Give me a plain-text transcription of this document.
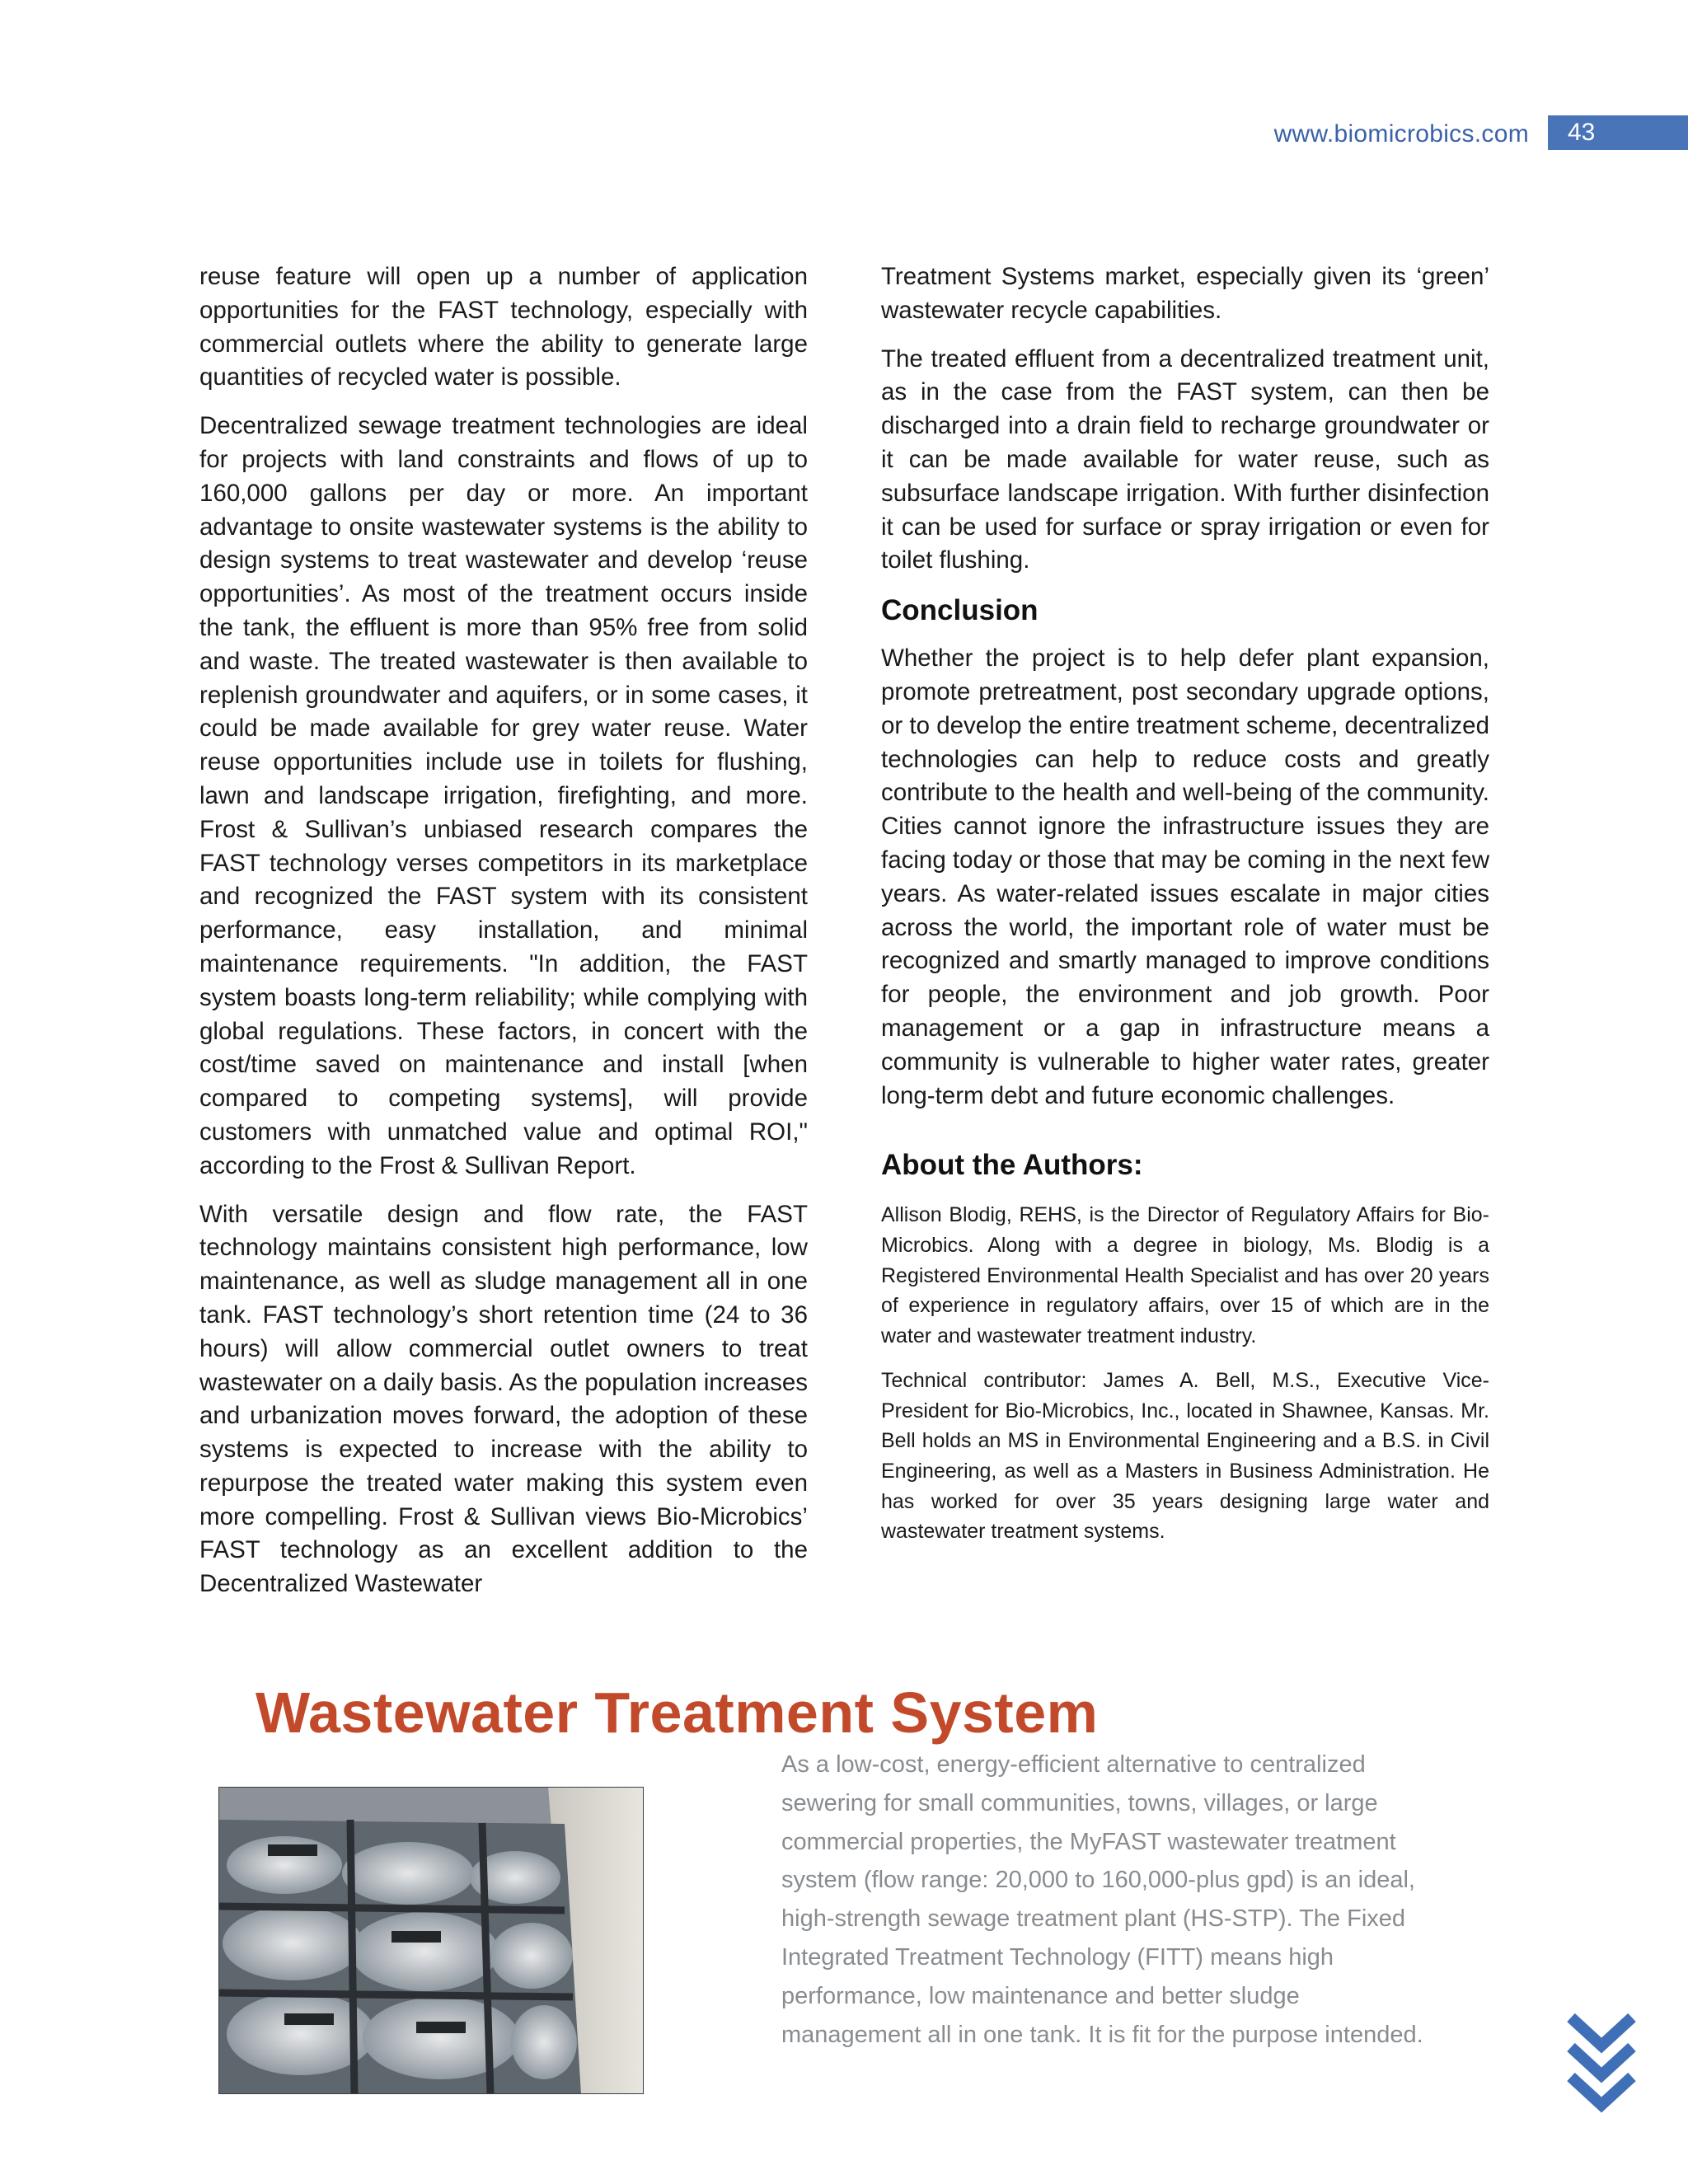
www.biomicrobics.com	43

reuse feature will open up a number of application opportunities for the FAST technology, especially with commercial outlets where the ability to generate large quantities of recycled water is possible.

Decentralized sewage treatment technologies are ideal for projects with land constraints and flows of up to 160,000 gallons per day or more. An important advantage to onsite wastewater systems is the ability to design systems to treat wastewater and develop ‘reuse opportunities’. As most of the treatment occurs inside the tank, the effluent is more than 95% free from solid and waste. The treated wastewater is then available to replenish groundwater and aquifers, or in some cases, it could be made available for grey water reuse. Water reuse opportunities include use in toilets for flushing, lawn and landscape irrigation, firefighting, and more. Frost & Sullivan’s unbiased research compares the FAST technology verses competitors in its marketplace and recognized the FAST system with its consistent performance, easy installation, and minimal maintenance requirements. "In addition, the FAST system boasts long-term reliability; while complying with global regulations. These factors, in concert with the cost/time saved on maintenance and install [when compared to competing systems], will provide customers with unmatched value and optimal ROI," according to the Frost & Sullivan Report.

With versatile design and flow rate, the FAST technology maintains consistent high performance, low maintenance, as well as sludge management all in one tank. FAST technology’s short retention time (24 to 36 hours) will allow commercial outlet owners to treat wastewater on a daily basis. As the population increases and urbanization moves forward, the adoption of these systems is expected to increase with the ability to repurpose the treated water making this system even more compelling. Frost & Sullivan views Bio-Microbics’ FAST technology as an excellent addition to the Decentralized Wastewater

Treatment Systems market, especially given its ‘green’ wastewater recycle capabilities.

The treated effluent from a decentralized treatment unit, as in the case from the FAST system, can then be discharged into a drain field to recharge groundwater or it can be made available for water reuse, such as subsurface landscape irrigation. With further disinfection it can be used for surface or spray irrigation or even for toilet flushing.

Conclusion

Whether the project is to help defer plant expansion, promote pretreatment, post secondary upgrade options, or to develop the entire treatment scheme, decentralized technologies can help to reduce costs and greatly contribute to the health and well-being of the community. Cities cannot ignore the infrastructure issues they are facing today or those that may be coming in the next few years. As water-related issues escalate in major cities across the world, the important role of water must be recognized and smartly managed to improve conditions for people, the environment and job growth. Poor management or a gap in infrastructure means a community is vulnerable to higher water rates, greater long-term debt and future economic challenges.

About the Authors:

Allison Blodig, REHS, is the Director of Regulatory Affairs for Bio-Microbics. Along with a degree in biology, Ms. Blodig is a Registered Environmental Health Specialist and has over 20 years of experience in regulatory affairs, over 15 of which are in the water and wastewater treatment industry.

Technical contributor: James A. Bell, M.S., Executive Vice-President for Bio-Microbics, Inc., located in Shawnee, Kansas. Mr. Bell holds an MS in Environmental Engineering and a B.S. in Civil Engineering, as well as a Masters in Business Administration. He has worked for over 35 years designing large water and wastewater treatment systems.

Wastewater Treatment System
As a low-cost, energy-efficient alternative to centralized sewering for small communities, towns, villages, or large commercial properties, the MyFAST wastewater treatment system (flow range: 20,000 to 160,000-plus gpd) is an ideal, high-strength sewage treatment plant (HS-STP). The Fixed Integrated Treatment Technology (FITT) means high performance, low maintenance and better sludge management all in one tank. It is fit for the purpose intended.
